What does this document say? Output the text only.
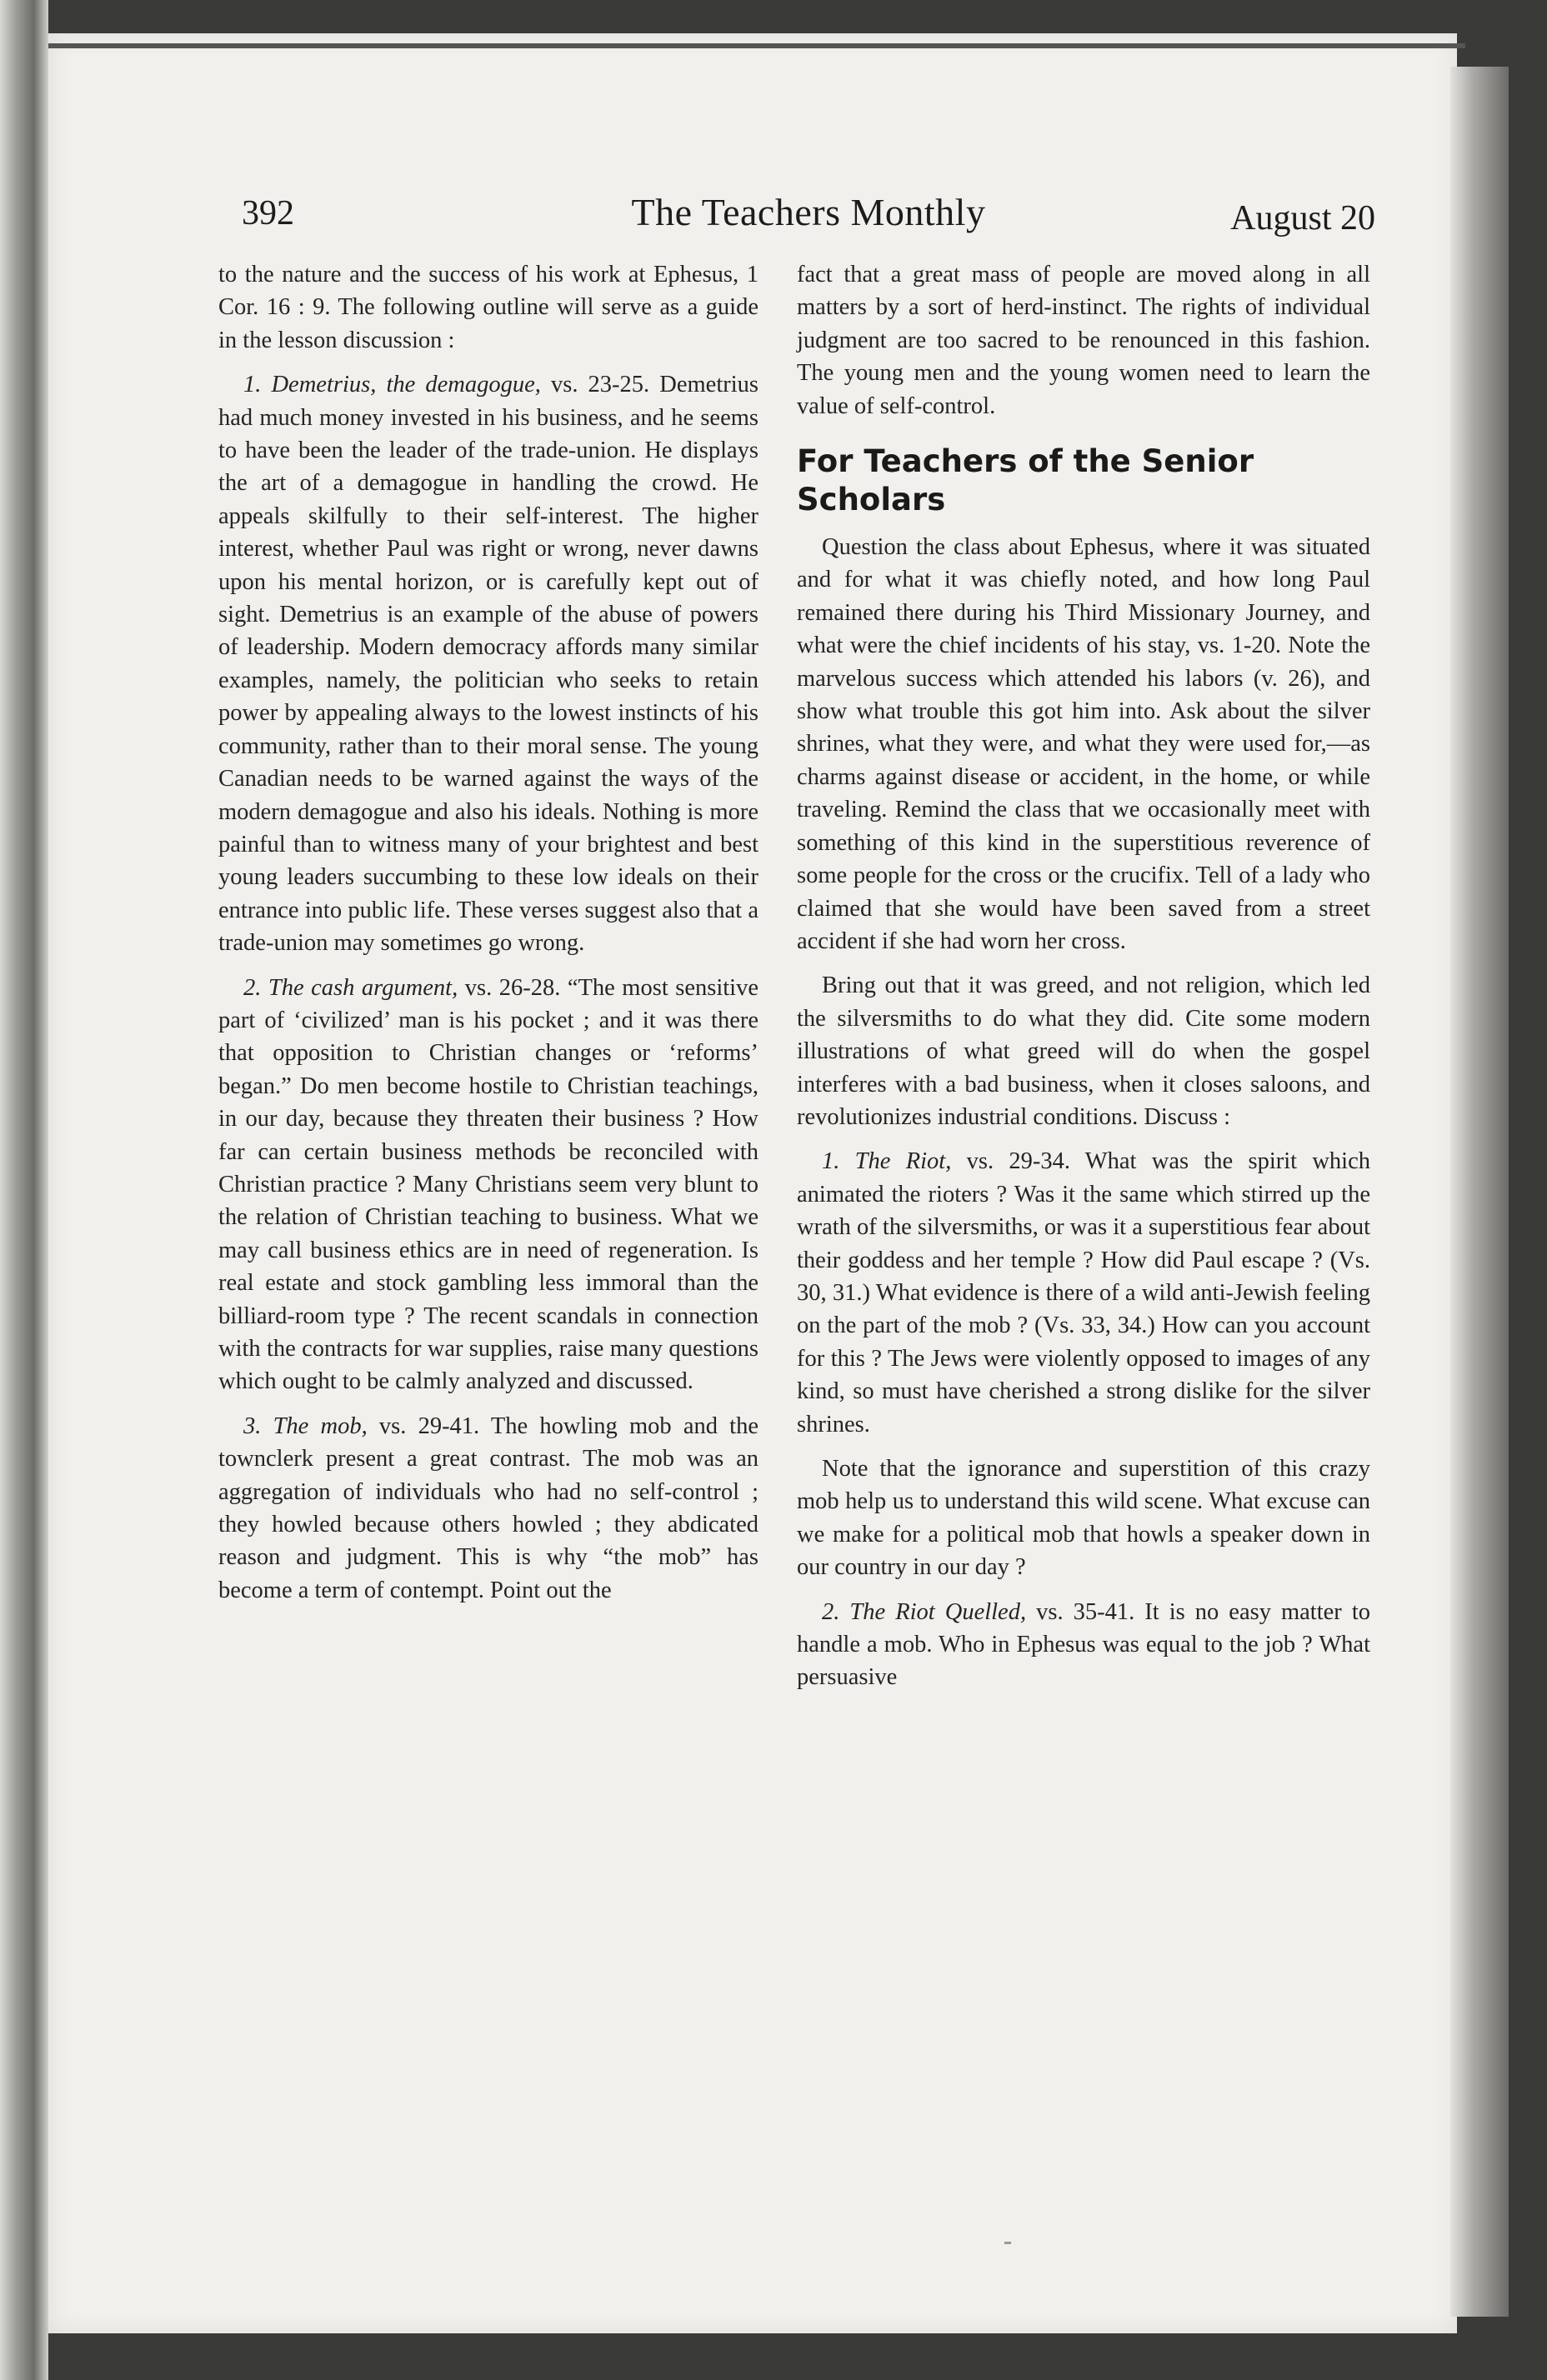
392	The Teachers Monthly	August 20

to the nature and the success of his work at Ephesus, 1 Cor. 16 : 9. The following outline will serve as a guide in the lesson discussion :

1. Demetrius, the demagogue, vs. 23-25. Demetrius had much money invested in his business, and he seems to have been the leader of the trade-union. He displays the art of a demagogue in handling the crowd. He appeals skilfully to their self-interest. The higher interest, whether Paul was right or wrong, never dawns upon his mental horizon, or is carefully kept out of sight. Demetrius is an example of the abuse of powers of leadership. Modern democracy affords many similar examples, namely, the politician who seeks to retain power by appealing always to the lowest instincts of his community, rather than to their moral sense. The young Canadian needs to be warned against the ways of the modern demagogue and also his ideals. Nothing is more painful than to witness many of your brightest and best young leaders succumbing to these low ideals on their entrance into public life. These verses suggest also that a trade-union may sometimes go wrong.

2. The cash argument, vs. 26-28. “The most sensitive part of ‘civilized’ man is his pocket ; and it was there that opposition to Christian changes or ‘reforms’ began.” Do men become hostile to Christian teachings, in our day, because they threaten their business ? How far can certain business methods be reconciled with Christian practice ? Many Christians seem very blunt to the relation of Christian teaching to business. What we may call business ethics are in need of regeneration. Is real estate and stock gambling less immoral than the billiard-room type ? The recent scandals in connection with the contracts for war supplies, raise many questions which ought to be calmly analyzed and discussed.

3. The mob, vs. 29-41. The howling mob and the townclerk present a great contrast. The mob was an aggregation of individuals who had no self-control ; they howled because others howled ; they abdicated reason and judgment. This is why “the mob” has become a term of contempt. Point out the

fact that a great mass of people are moved along in all matters by a sort of herd-instinct. The rights of individual judgment are too sacred to be renounced in this fashion. The young men and the young women need to learn the value of self-control.

For Teachers of the Senior Scholars

Question the class about Ephesus, where it was situated and for what it was chiefly noted, and how long Paul remained there during his Third Missionary Journey, and what were the chief incidents of his stay, vs. 1-20. Note the marvelous success which attended his labors (v. 26), and show what trouble this got him into. Ask about the silver shrines, what they were, and what they were used for,—as charms against disease or accident, in the home, or while traveling. Remind the class that we occasionally meet with something of this kind in the superstitious reverence of some people for the cross or the crucifix. Tell of a lady who claimed that she would have been saved from a street accident if she had worn her cross.

Bring out that it was greed, and not religion, which led the silversmiths to do what they did. Cite some modern illustrations of what greed will do when the gospel interferes with a bad business, when it closes saloons, and revolutionizes industrial conditions. Discuss :

1. The Riot, vs. 29-34. What was the spirit which animated the rioters ? Was it the same which stirred up the wrath of the silversmiths, or was it a superstitious fear about their goddess and her temple ? How did Paul escape ? (Vs. 30, 31.) What evidence is there of a wild anti-Jewish feeling on the part of the mob ? (Vs. 33, 34.) How can you account for this ? The Jews were violently opposed to images of any kind, so must have cherished a strong dislike for the silver shrines.

Note that the ignorance and superstition of this crazy mob help us to understand this wild scene. What excuse can we make for a political mob that howls a speaker down in our country in our day ?

2. The Riot Quelled, vs. 35-41. It is no easy matter to handle a mob. Who in Ephesus was equal to the job ? What persuasive
